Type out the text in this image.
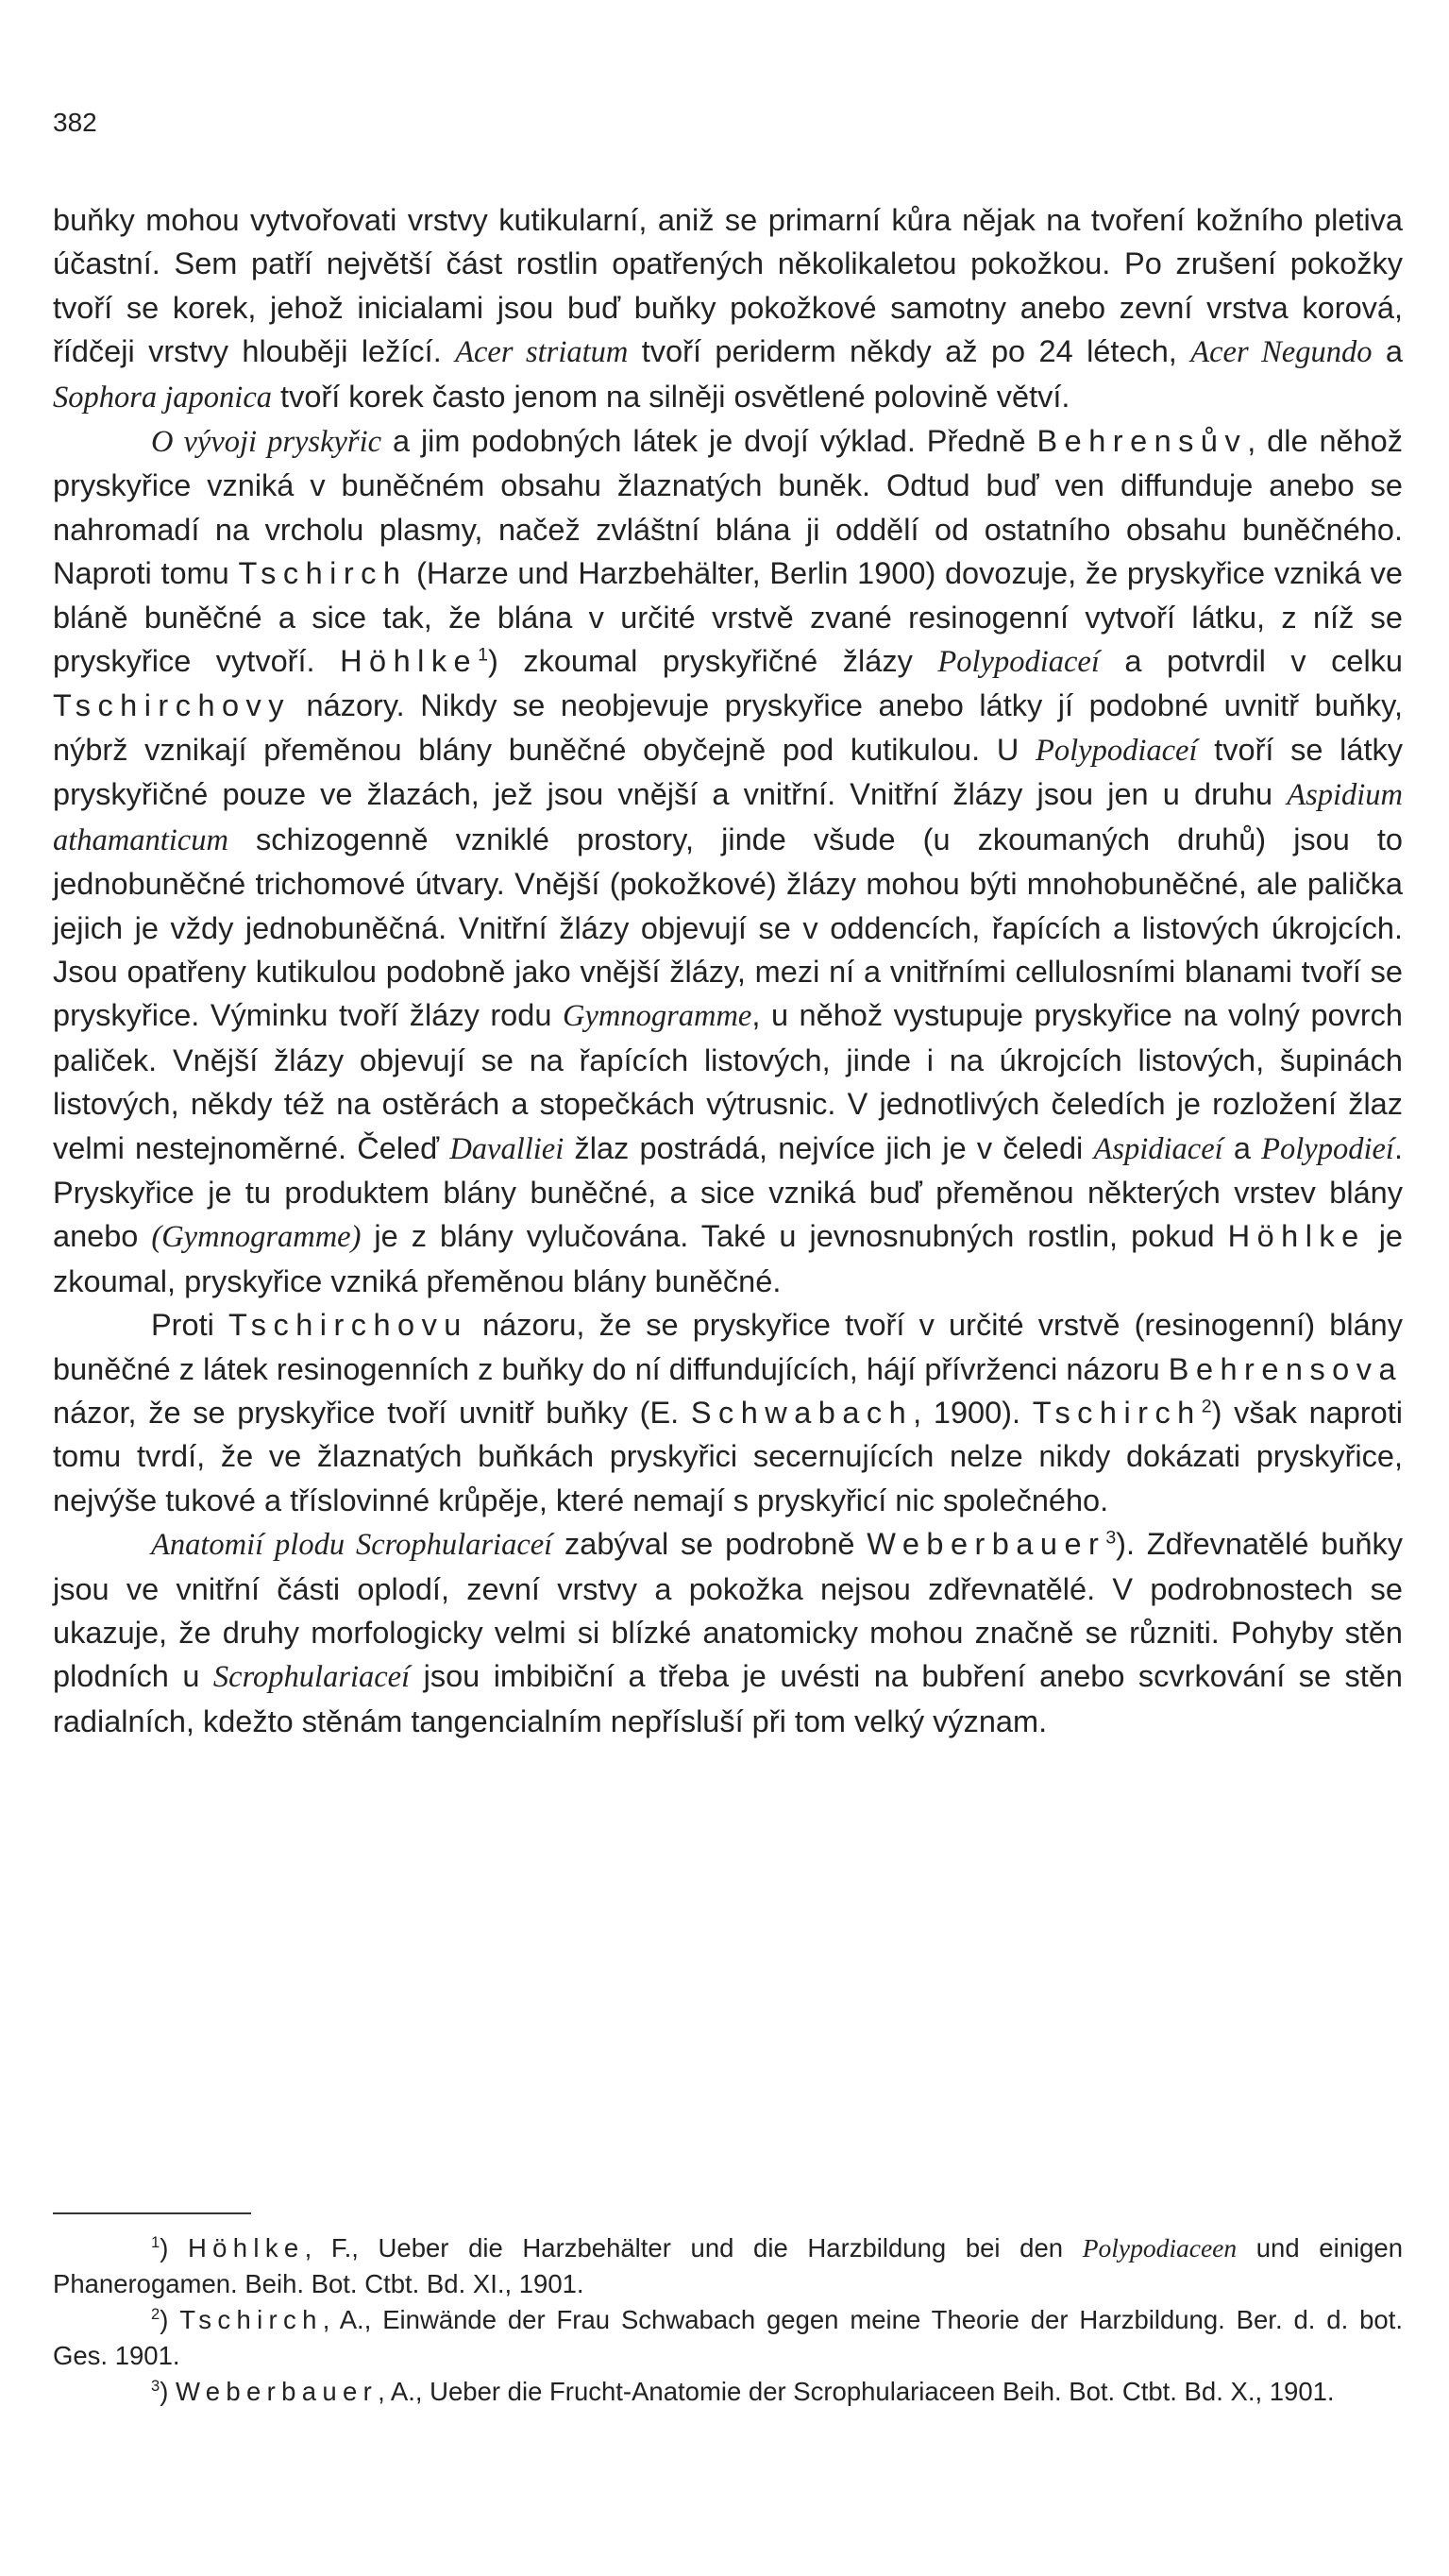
382

buňky mohou vytvořovati vrstvy kutikularní, aniž se primarní kůra nějak na tvoření kožního pletiva účastní. Sem patří největší část rostlin opatřených několikaletou pokožkou. Po zrušení pokožky tvoří se korek, jehož inicialami jsou buď buňky pokožkové samotny anebo zevní vrstva korová, řídčeji vrstvy hlouběji ležící. Acer striatum tvoří periderm někdy až po 24 létech, Acer Negundo a Sophora japonica tvoří korek často jenom na silněji osvětlené polovině větví.

O vývoji pryskyřic a jim podobných látek je dvojí výklad. Předně Behrensův, dle něhož pryskyřice vzniká v buněčném obsahu žlaznatých buněk. Odtud buď ven diffunduje anebo se nahromadí na vrcholu plasmy, načež zvláštní blána ji oddělí od ostatního obsahu buněčného. Naproti tomu Tschirch (Harze und Harzbehälter, Berlin 1900) dovozuje, že pryskyřice vzniká ve bláně buněčné a sice tak, že blána v určité vrstvě zvané resinogenní vytvoří látku, z níž se pryskyřice vytvoří. Höhlke$^1$) zkoumal pryskyřičné žlázy Polypodiaceí a potvrdil v celku Tschirchovy názory. Nikdy se neobjevuje pryskyřice anebo látky jí podobné uvnitř buňky, nýbrž vznikají přeměnou blány buněčné obyčejně pod kutikulou. U Polypodiaceí tvoří se látky pryskyřičné pouze ve žlazách, jež jsou vnější a vnitřní. Vnitřní žlázy jsou jen u druhu Aspidium athamanticum schizogenně vzniklé prostory, jinde všude (u zkoumaných druhů) jsou to jednobuněčné trichomové útvary. Vnější (pokožkové) žlázy mohou býti mnohobuněčné, ale palička jejich je vždy jednobuněčná. Vnitřní žlázy objevují se v oddencích, řapících a listových úkrojcích. Jsou opatřeny kutikulou podobně jako vnější žlázy, mezi ní a vnitřními cellulosními blanami tvoří se pryskyřice. Výminku tvoří žlázy rodu Gymnogramme, u něhož vystupuje pryskyřice na volný povrch paliček. Vnější žlázy objevují se na řapících listových, jinde i na úkrojcích listových, šupinách listových, někdy též na ostěrách a stopečkách výtrusnic. V jednotlivých čeledích je rozložení žlaz velmi nestejnoměrné. Čeleď Davalliei žlaz postrádá, nejvíce jich je v čeledi Aspidiaceí a Polypodieí. Pryskyřice je tu produktem blány buněčné, a sice vzniká buď přeměnou některých vrstev blány anebo (Gymnogramme) je z blány vylučována. Také u jevnosnubných rostlin, pokud Höhlke je zkoumal, pryskyřice vzniká přeměnou blány buněčné.

Proti Tschirchovu názoru, že se pryskyřice tvoří v určité vrstvě (resinogenní) blány buněčné z látek resinogenních z buňky do ní diffundujících, hájí přívrženci názoru Behrensova názor, že se pryskyřice tvoří uvnitř buňky (E. Schwabach, 1900). Tschirch$^2$) však naproti tomu tvrdí, že ve žlaznatých buňkách pryskyřici secernujících nelze nikdy dokázati pryskyřice, nejvýše tukové a tříslovinné krůpěje, které nemají s pryskyřicí nic společného.

Anatomií plodu Scrophulariaceí zabýval se podrobně Weberbauer$^3$). Zdřevnatělé buňky jsou ve vnitřní části oplodí, zevní vrstvy a pokožka nejsou zdřevnatělé. V podrobnostech se ukazuje, že druhy morfologicky velmi si blízké anatomicky mohou značně se různiti. Pohyby stěn plodních u Scrophulariaceí jsou imbibiční a třeba je uvésti na bubření anebo scvrkování se stěn radialních, kdežto stěnám tangencialním nepřísluší při tom velký význam.

$^1$) Höhlke, F., Ueber die Harzbehälter und die Harzbildung bei den Polypodiaceen und einigen Phanerogamen. Beih. Bot. Ctbt. Bd. XI., 1901.

$^2$) Tschirch, A., Einwände der Frau Schwabach gegen meine Theorie der Harzbildung. Ber. d. d. bot. Ges. 1901.

$^3$) Weberbauer, A., Ueber die Frucht-Anatomie der Scrophulariaceen Beih. Bot. Ctbt. Bd. X., 1901.
